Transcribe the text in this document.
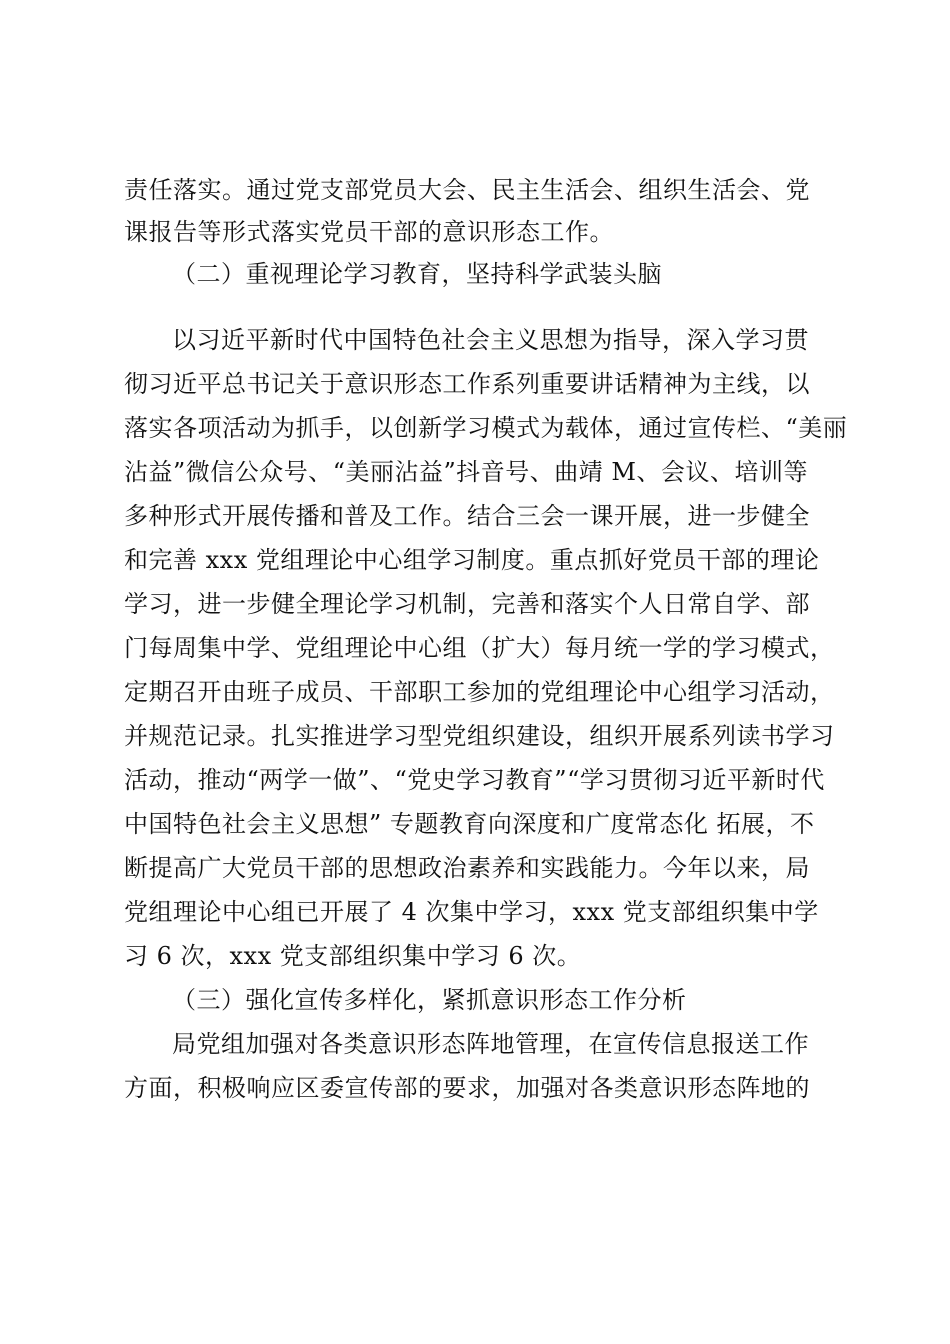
责任落实。通过党支部党员大会、民主生活会、组织生活会、党
课报告等形式落实党员干部的意识形态工作。
（二）重视理论学习教育，坚持科学武装头脑
以习近平新时代中国特色社会主义思想为指导，深入学习贯
彻习近平总书记关于意识形态工作系列重要讲话精神为主线，以
落实各项活动为抓手，以创新学习模式为载体，通过宣传栏、“美丽
沾益”微信公众号、“美丽沾益”抖音号、曲靖 M、会议、培训等
多种形式开展传播和普及工作。结合三会一课开展，进一步健全
和完善 xxx 党组理论中心组学习制度。重点抓好党员干部的理论
学习，进一步健全理论学习机制，完善和落实个人日常自学、部
门每周集中学、党组理论中心组（扩大）每月统一学的学习模式，
定期召开由班子成员、干部职工参加的党组理论中心组学习活动，
并规范记录。扎实推进学习型党组织建设，组织开展系列读书学习
活动，推动“两学一做”、“党史学习教育”“学习贯彻习近平新时代
中国特色社会主义思想” 专题教育向深度和广度常态化 拓展，不
断提高广大党员干部的思想政治素养和实践能力。今年以来，局
党组理论中心组已开展了 4 次集中学习，xxx 党支部组织集中学
习 6 次，xxx 党支部组织集中学习 6 次。
（三）强化宣传多样化，紧抓意识形态工作分析
局党组加强对各类意识形态阵地管理，在宣传信息报送工作
方面，积极响应区委宣传部的要求，加强对各类意识形态阵地的
